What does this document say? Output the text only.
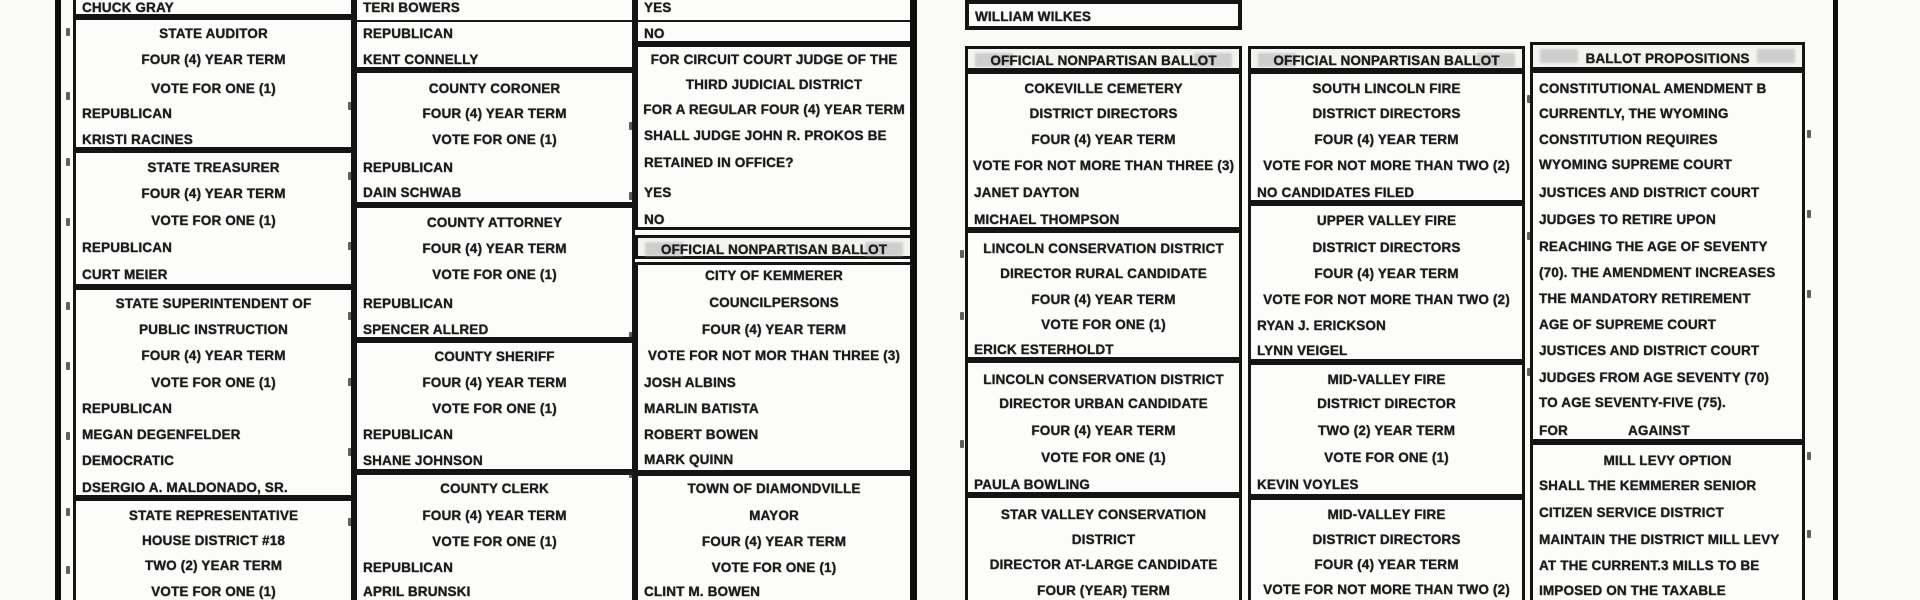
CHUCK GRAY
STATE AUDITOR
FOUR (4) YEAR TERM
VOTE FOR ONE (1)
REPUBLICAN
KRISTI RACINES
STATE TREASURER
FOUR (4) YEAR TERM
VOTE FOR ONE (1)
REPUBLICAN
CURT MEIER
STATE SUPERINTENDENT OF
PUBLIC INSTRUCTION
FOUR (4) YEAR TERM
VOTE FOR ONE (1)
REPUBLICAN
MEGAN DEGENFELDER
DEMOCRATIC
DSERGIO A. MALDONADO, SR.
STATE REPRESENTATIVE
HOUSE DISTRICT #18
TWO (2) YEAR TERM
VOTE FOR ONE (1)
TERI BOWERS
REPUBLICAN
KENT CONNELLY
COUNTY CORONER
FOUR (4) YEAR TERM
VOTE FOR ONE (1)
REPUBLICAN
DAIN SCHWAB
COUNTY ATTORNEY
FOUR (4) YEAR TERM
VOTE FOR ONE (1)
REPUBLICAN
SPENCER ALLRED
COUNTY SHERIFF
FOUR (4) YEAR TERM
VOTE FOR ONE (1)
REPUBLICAN
SHANE JOHNSON
COUNTY CLERK
FOUR (4) YEAR TERM
VOTE FOR ONE (1)
REPUBLICAN
APRIL BRUNSKI
YES
NO
FOR CIRCUIT COURT JUDGE OF THE
THIRD JUDICIAL DISTRICT
FOR A REGULAR FOUR (4) YEAR TERM
SHALL JUDGE JOHN R. PROKOS BE
RETAINED IN OFFICE?
YES
NO
OFFICIAL NONPARTISAN BALLOT
CITY OF KEMMERER
COUNCILPERSONS
FOUR (4) YEAR TERM
VOTE FOR NOT MOR THAN THREE (3)
JOSH ALBINS
MARLIN BATISTA
ROBERT BOWEN
MARK QUINN
TOWN OF DIAMONDVILLE
MAYOR
FOUR (4) YEAR TERM
VOTE FOR ONE (1)
CLINT M. BOWEN
WILLIAM WILKES
OFFICIAL NONPARTISAN BALLOT
COKEVILLE CEMETERY
DISTRICT DIRECTORS
FOUR (4) YEAR TERM
VOTE FOR NOT MORE THAN THREE (3)
JANET DAYTON
MICHAEL THOMPSON
LINCOLN CONSERVATION DISTRICT
DIRECTOR RURAL CANDIDATE
FOUR (4) YEAR TERM
VOTE FOR ONE (1)
ERICK ESTERHOLDT
LINCOLN CONSERVATION DISTRICT
DIRECTOR URBAN CANDIDATE
FOUR (4) YEAR TERM
VOTE FOR ONE (1)
PAULA BOWLING
STAR VALLEY CONSERVATION
DISTRICT
DIRECTOR AT-LARGE CANDIDATE
FOUR (YEAR) TERM
OFFICIAL NONPARTISAN BALLOT
SOUTH LINCOLN FIRE
DISTRICT DIRECTORS
FOUR (4) YEAR TERM
VOTE FOR NOT MORE THAN TWO (2)
NO CANDIDATES FILED
UPPER VALLEY FIRE
DISTRICT DIRECTORS
FOUR (4) YEAR TERM
VOTE FOR NOT MORE THAN TWO (2)
RYAN J. ERICKSON
LYNN VEIGEL
MID-VALLEY FIRE
DISTRICT DIRECTOR
TWO (2) YEAR TERM
VOTE FOR ONE (1)
KEVIN VOYLES
MID-VALLEY FIRE
DISTRICT DIRECTORS
FOUR (4) YEAR TERM
VOTE FOR NOT MORE THAN TWO (2)
BALLOT PROPOSITIONS
CONSTITUTIONAL AMENDMENT B
CURRENTLY, THE WYOMING
CONSTITUTION REQUIRES
WYOMING SUPREME COURT
JUSTICES AND DISTRICT COURT
JUDGES TO RETIRE UPON
REACHING THE AGE OF SEVENTY
(70). THE AMENDMENT INCREASES
THE MANDATORY RETIREMENT
AGE OF SUPREME COURT
JUSTICES AND DISTRICT COURT
JUDGES FROM AGE SEVENTY (70)
TO AGE SEVENTY-FIVE (75).
FOR	AGAINST
MILL LEVY OPTION
SHALL THE KEMMERER SENIOR
CITIZEN SERVICE DISTRICT
MAINTAIN THE DISTRICT MILL LEVY
AT THE CURRENT.3 MILLS TO BE
IMPOSED ON THE TAXABLE
